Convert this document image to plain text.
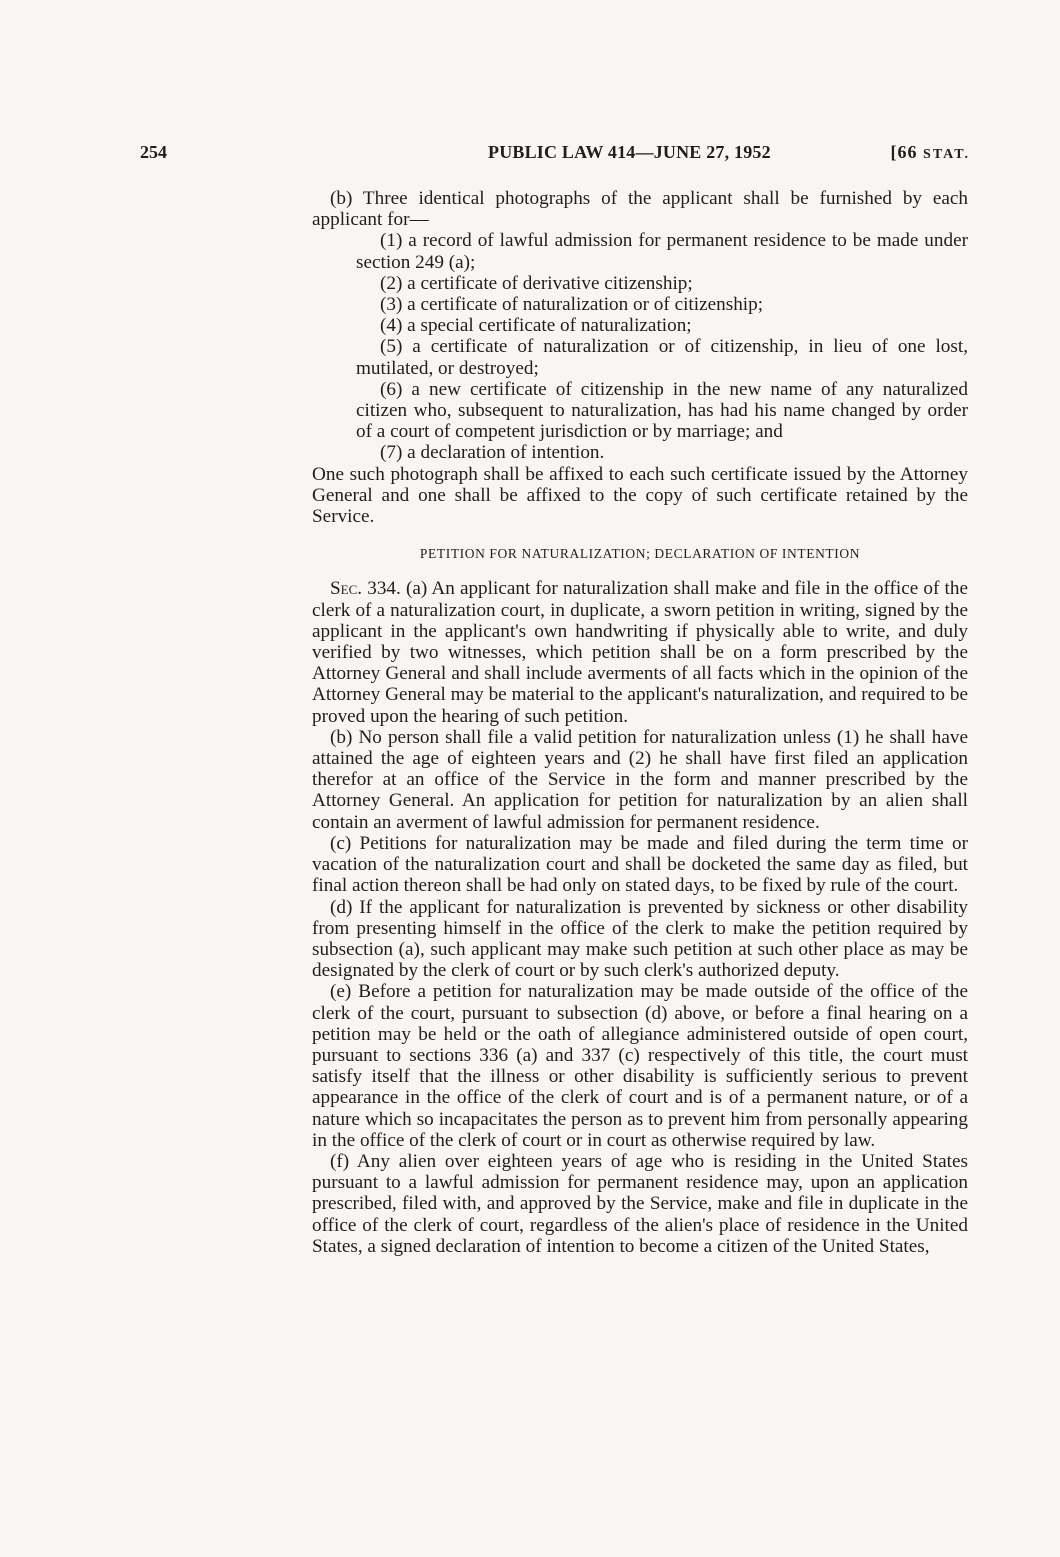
254	PUBLIC LAW 414—JUNE 27, 1952	[66 STAT.

(b) Three identical photographs of the applicant shall be furnished by each applicant for—

(1) a record of lawful admission for permanent residence to be made under section 249 (a);

(2) a certificate of derivative citizenship;

(3) a certificate of naturalization or of citizenship;

(4) a special certificate of naturalization;

(5) a certificate of naturalization or of citizenship, in lieu of one lost, mutilated, or destroyed;

(6) a new certificate of citizenship in the new name of any naturalized citizen who, subsequent to naturalization, has had his name changed by order of a court of competent jurisdiction or by marriage; and

(7) a declaration of intention.

One such photograph shall be affixed to each such certificate issued by the Attorney General and one shall be affixed to the copy of such certificate retained by the Service.

PETITION FOR NATURALIZATION; DECLARATION OF INTENTION

Sec. 334. (a) An applicant for naturalization shall make and file in the office of the clerk of a naturalization court, in duplicate, a sworn petition in writing, signed by the applicant in the applicant's own handwriting if physically able to write, and duly verified by two witnesses, which petition shall be on a form prescribed by the Attorney General and shall include averments of all facts which in the opinion of the Attorney General may be material to the applicant's naturalization, and required to be proved upon the hearing of such petition.

(b) No person shall file a valid petition for naturalization unless (1) he shall have attained the age of eighteen years and (2) he shall have first filed an application therefor at an office of the Service in the form and manner prescribed by the Attorney General. An application for petition for naturalization by an alien shall contain an averment of lawful admission for permanent residence.

(c) Petitions for naturalization may be made and filed during the term time or vacation of the naturalization court and shall be docketed the same day as filed, but final action thereon shall be had only on stated days, to be fixed by rule of the court.

(d) If the applicant for naturalization is prevented by sickness or other disability from presenting himself in the office of the clerk to make the petition required by subsection (a), such applicant may make such petition at such other place as may be designated by the clerk of court or by such clerk's authorized deputy.

(e) Before a petition for naturalization may be made outside of the office of the clerk of the court, pursuant to subsection (d) above, or before a final hearing on a petition may be held or the oath of allegiance administered outside of open court, pursuant to sections 336 (a) and 337 (c) respectively of this title, the court must satisfy itself that the illness or other disability is sufficiently serious to prevent appearance in the office of the clerk of court and is of a permanent nature, or of a nature which so incapacitates the person as to prevent him from personally appearing in the office of the clerk of court or in court as otherwise required by law.

(f) Any alien over eighteen years of age who is residing in the United States pursuant to a lawful admission for permanent residence may, upon an application prescribed, filed with, and approved by the Service, make and file in duplicate in the office of the clerk of court, regardless of the alien's place of residence in the United States, a signed declaration of intention to become a citizen of the United States,
